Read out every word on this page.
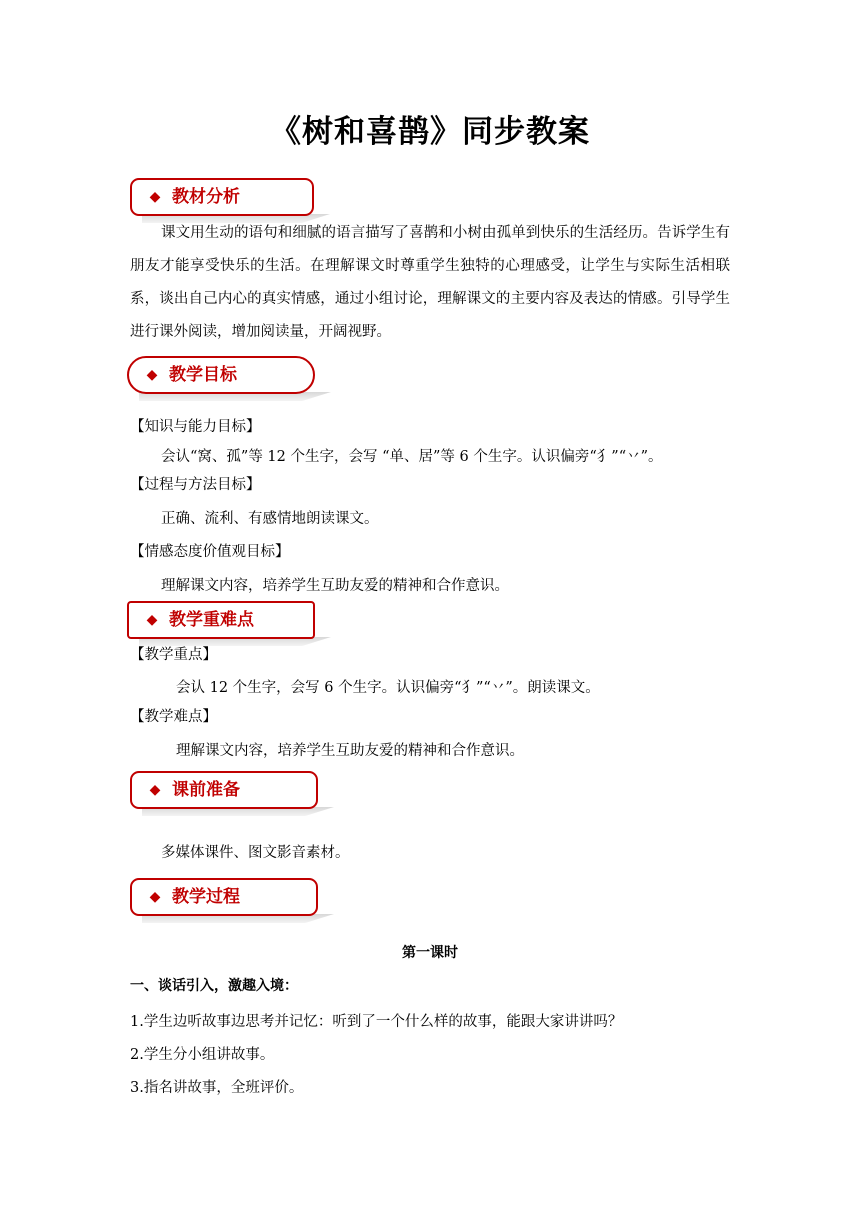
《树和喜鹊》同步教案
◆ 教材分析
课文用生动的语句和细腻的语言描写了喜鹊和小树由孤单到快乐的生活经历。告诉学生有朋友才能享受快乐的生活。在理解课文时尊重学生独特的心理感受，让学生与实际生活相联系，谈出自己内心的真实情感，通过小组讨论，理解课文的主要内容及表达的情感。引导学生进行课外阅读，增加阅读量，开阔视野。
◆ 教学目标
【知识与能力目标】
会认“窝、孤”等 12 个生字，会写 “单、居”等 6 个生字。认识偏旁“⺨”“丷”。
【过程与方法目标】
正确、流利、有感情地朗读课文。
【情感态度价值观目标】
理解课文内容，培养学生互助友爱的精神和合作意识。
◆ 教学重难点
【教学重点】
会认 12 个生字，会写 6 个生字。认识偏旁“⺨”“丷”。朗读课文。
【教学难点】
理解课文内容，培养学生互助友爱的精神和合作意识。
◆ 课前准备
多媒体课件、图文影音素材。
◆ 教学过程
第一课时
一、谈话引入，激趣入境：
1.学生边听故事边思考并记忆：听到了一个什么样的故事，能跟大家讲讲吗？
2.学生分小组讲故事。
3.指名讲故事，全班评价。
